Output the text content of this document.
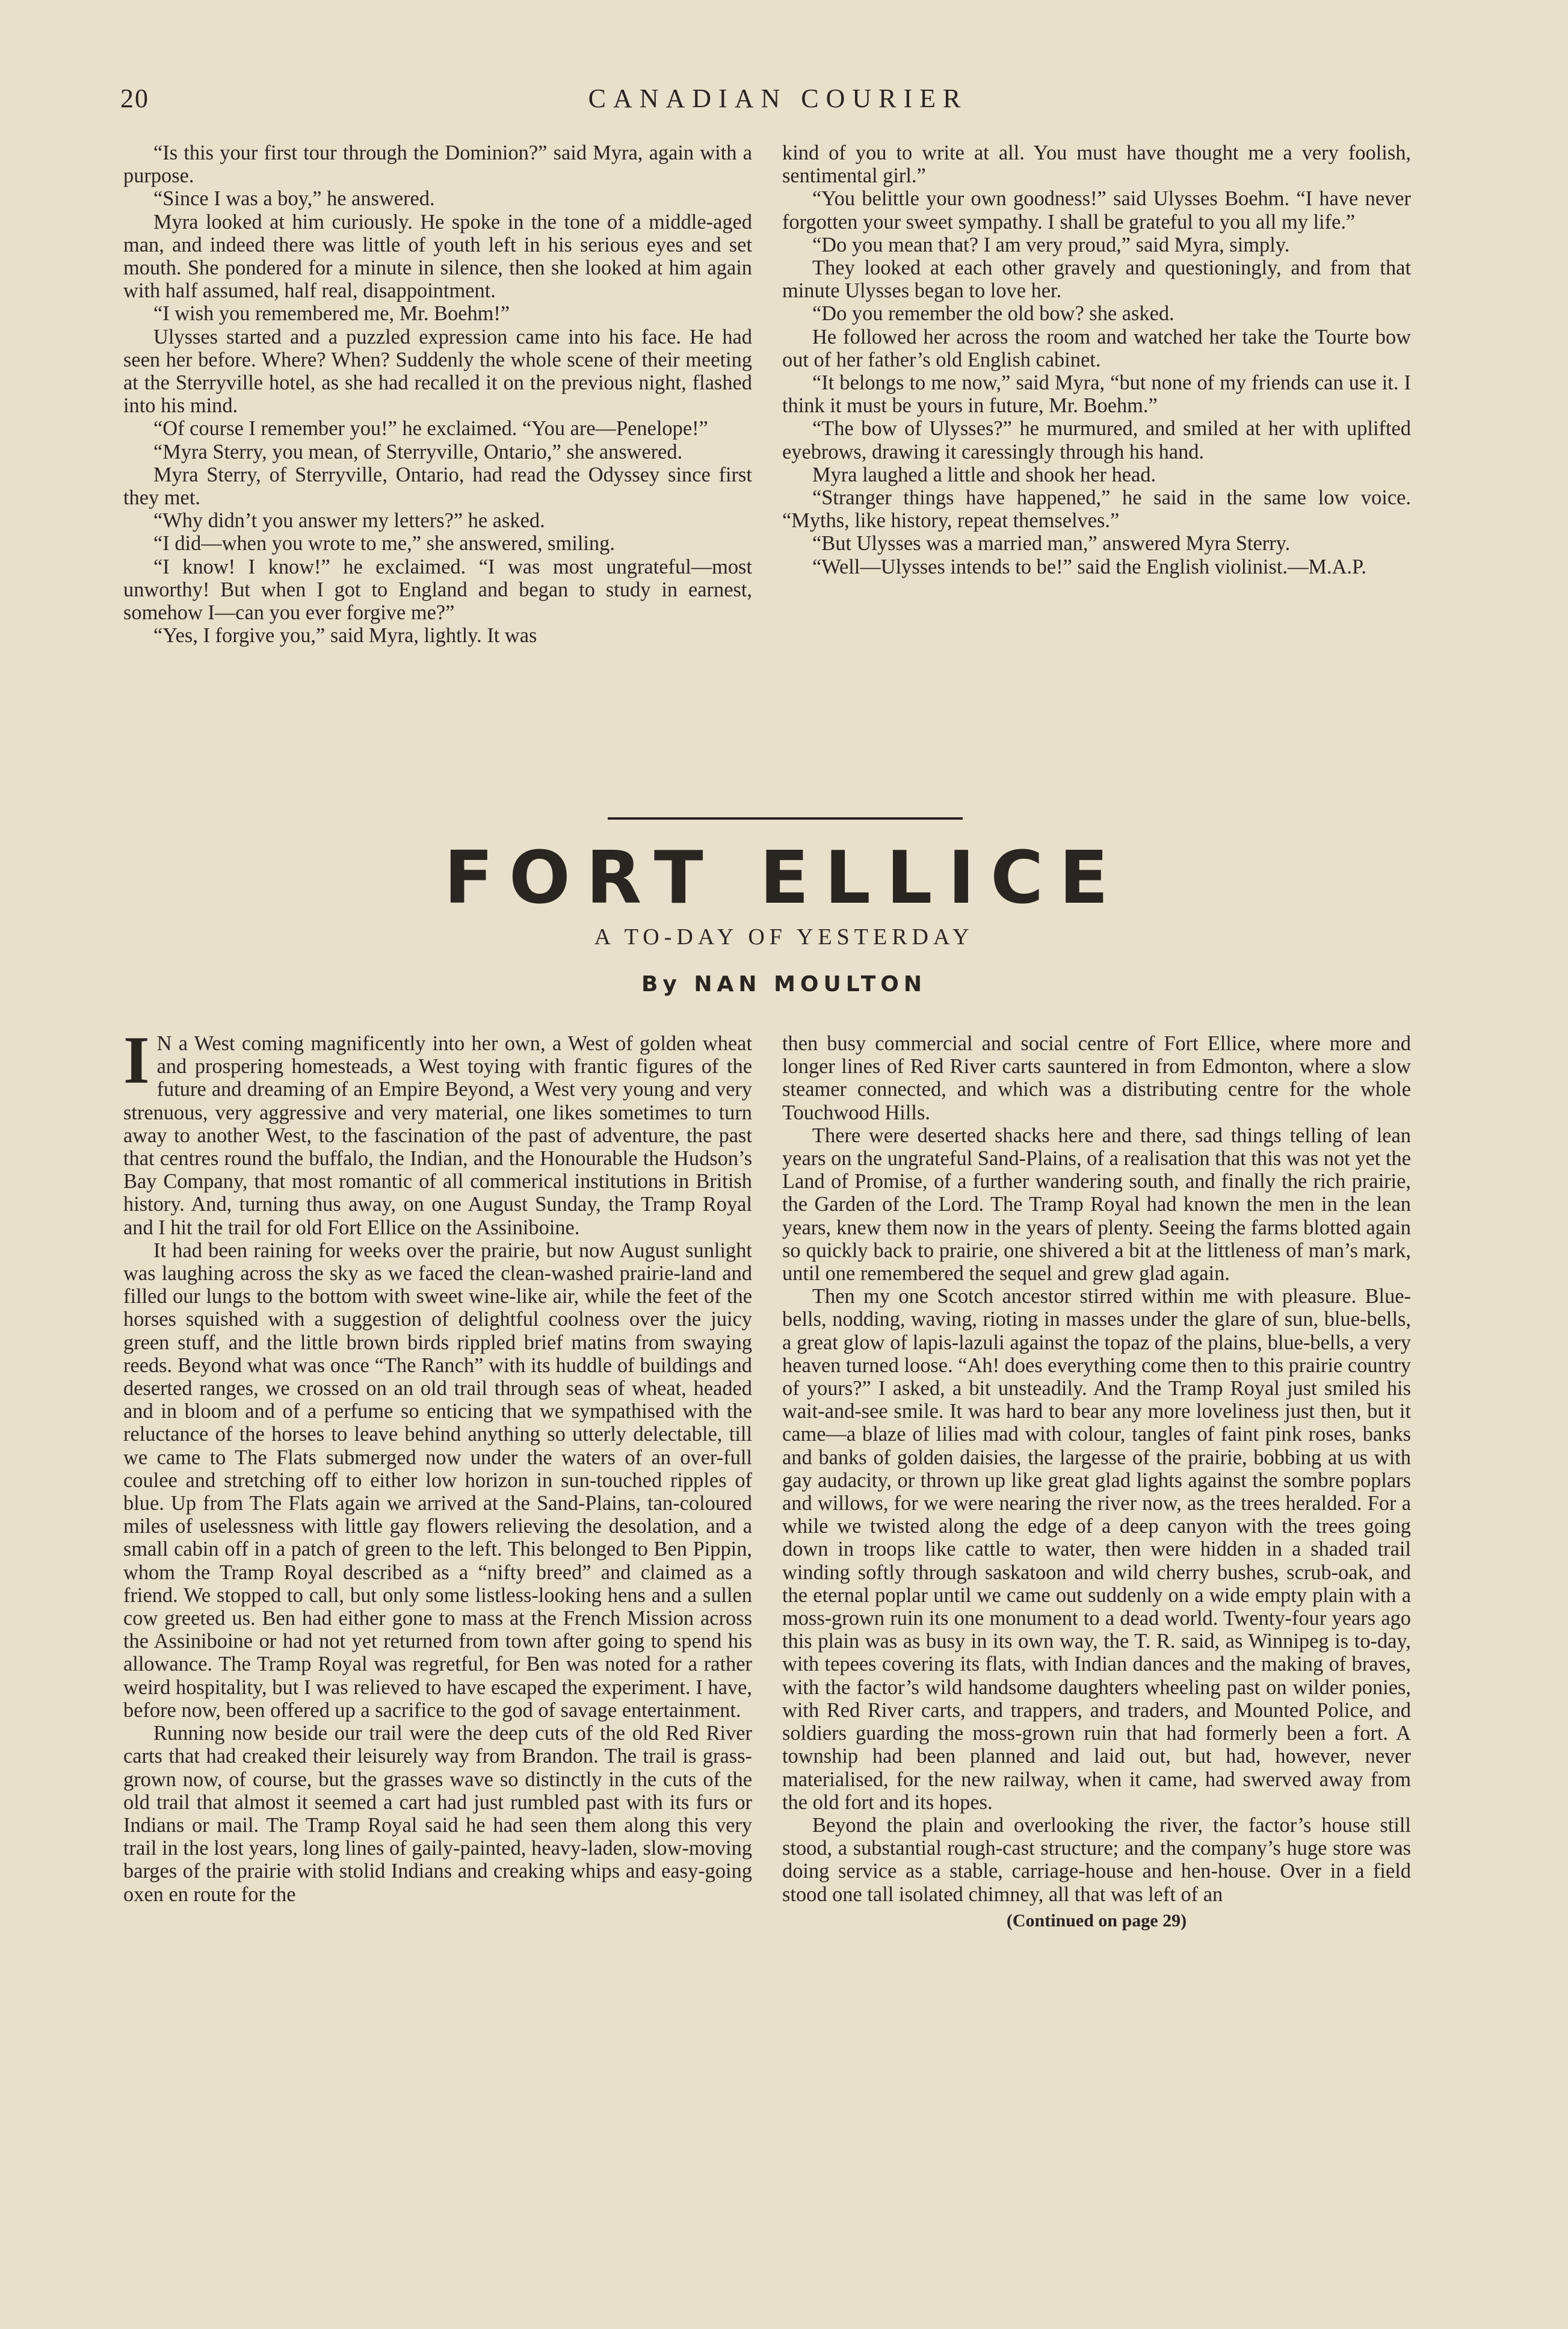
20	CANADIAN COURIER

“Is this your first tour through the Dominion?” said Myra, again with a purpose.

“Since I was a boy,” he answered.

Myra looked at him curiously. He spoke in the tone of a middle-aged man, and indeed there was little of youth left in his serious eyes and set mouth. She pondered for a minute in silence, then she looked at him again with half assumed, half real, disappointment.

“I wish you remembered me, Mr. Boehm!”

Ulysses started and a puzzled expression came into his face. He had seen her before. Where? When? Suddenly the whole scene of their meeting at the Sterryville hotel, as she had recalled it on the previous night, flashed into his mind.

“Of course I remember you!” he exclaimed. “You are—Penelope!”

“Myra Sterry, you mean, of Sterryville, Ontario,” she answered.

Myra Sterry, of Sterryville, Ontario, had read the Odyssey since first they met.

“Why didn’t you answer my letters?” he asked.

“I did—when you wrote to me,” she answered, smiling.

“I know! I know!” he exclaimed. “I was most ungrateful—most unworthy! But when I got to England and began to study in earnest, somehow I—can you ever forgive me?”

“Yes, I forgive you,” said Myra, lightly. It was

kind of you to write at all. You must have thought me a very foolish, sentimental girl.”

“You belittle your own goodness!” said Ulysses Boehm. “I have never forgotten your sweet sympathy. I shall be grateful to you all my life.”

“Do you mean that? I am very proud,” said Myra, simply.

They looked at each other gravely and questioningly, and from that minute Ulysses began to love her.

“Do you remember the old bow? she asked.

He followed her across the room and watched her take the Tourte bow out of her father’s old English cabinet.

“It belongs to me now,” said Myra, “but none of my friends can use it. I think it must be yours in future, Mr. Boehm.”

“The bow of Ulysses?” he murmured, and smiled at her with uplifted eyebrows, drawing it caressingly through his hand.

Myra laughed a little and shook her head.

“Stranger things have happened,” he said in the same low voice. “Myths, like history, repeat themselves.”

“But Ulysses was a married man,” answered Myra Sterry.

“Well—Ulysses intends to be!” said the English violinist.—M.A.P.

FORT ELLICE
A TO-DAY OF YESTERDAY
By NAN MOULTON

I N a West coming magnificently into her own, a West of golden wheat and prospering homesteads, a West toying with frantic figures of the future and dreaming of an Empire Beyond, a West very young and very strenuous, very aggressive and very material, one likes sometimes to turn away to another West, to the fascination of the past of adventure, the past that centres round the buffalo, the Indian, and the Honourable the Hudson’s Bay Company, that most romantic of all commerical institutions in British history. And, turning thus away, on one August Sunday, the Tramp Royal and I hit the trail for old Fort Ellice on the Assiniboine.

It had been raining for weeks over the prairie, but now August sunlight was laughing across the sky as we faced the clean-washed prairie-land and filled our lungs to the bottom with sweet wine-like air, while the feet of the horses squished with a suggestion of delightful coolness over the juicy green stuff, and the little brown birds rippled brief matins from swaying reeds. Beyond what was once “The Ranch” with its huddle of buildings and deserted ranges, we crossed on an old trail through seas of wheat, headed and in bloom and of a perfume so enticing that we sympathised with the reluctance of the horses to leave behind anything so utterly delectable, till we came to The Flats submerged now under the waters of an over-full coulee and stretching off to either low horizon in sun-touched ripples of blue. Up from The Flats again we arrived at the Sand-Plains, tan-coloured miles of uselessness with little gay flowers relieving the desolation, and a small cabin off in a patch of green to the left. This belonged to Ben Pippin, whom the Tramp Royal described as a “nifty breed” and claimed as a friend. We stopped to call, but only some listless-looking hens and a sullen cow greeted us. Ben had either gone to mass at the French Mission across the Assiniboine or had not yet returned from town after going to spend his allowance. The Tramp Royal was regretful, for Ben was noted for a rather weird hospitality, but I was relieved to have escaped the experiment. I have, before now, been offered up a sacrifice to the god of savage entertainment.

Running now beside our trail were the deep cuts of the old Red River carts that had creaked their leisurely way from Brandon. The trail is grass-grown now, of course, but the grasses wave so distinctly in the cuts of the old trail that almost it seemed a cart had just rumbled past with its furs or Indians or mail. The Tramp Royal said he had seen them along this very trail in the lost years, long lines of gaily-painted, heavy-laden, slow-moving barges of the prairie with stolid Indians and creaking whips and easy-going oxen en route for the

then busy commercial and social centre of Fort Ellice, where more and longer lines of Red River carts sauntered in from Edmonton, where a slow steamer connected, and which was a distributing centre for the whole Touchwood Hills.

There were deserted shacks here and there, sad things telling of lean years on the ungrateful Sand-Plains, of a realisation that this was not yet the Land of Promise, of a further wandering south, and finally the rich prairie, the Garden of the Lord. The Tramp Royal had known the men in the lean years, knew them now in the years of plenty. Seeing the farms blotted again so quickly back to prairie, one shivered a bit at the littleness of man’s mark, until one remembered the sequel and grew glad again.

Then my one Scotch ancestor stirred within me with pleasure. Blue-bells, nodding, waving, rioting in masses under the glare of sun, blue-bells, a great glow of lapis-lazuli against the topaz of the plains, blue-bells, a very heaven turned loose. “Ah! does everything come then to this prairie country of yours?” I asked, a bit unsteadily. And the Tramp Royal just smiled his wait-and-see smile. It was hard to bear any more loveliness just then, but it came—a blaze of lilies mad with colour, tangles of faint pink roses, banks and banks of golden daisies, the largesse of the prairie, bobbing at us with gay audacity, or thrown up like great glad lights against the sombre poplars and willows, for we were nearing the river now, as the trees heralded. For a while we twisted along the edge of a deep canyon with the trees going down in troops like cattle to water, then were hidden in a shaded trail winding softly through saskatoon and wild cherry bushes, scrub-oak, and the eternal poplar until we came out suddenly on a wide empty plain with a moss-grown ruin its one monument to a dead world. Twenty-four years ago this plain was as busy in its own way, the T. R. said, as Winnipeg is to-day, with tepees covering its flats, with Indian dances and the making of braves, with the factor’s wild handsome daughters wheeling past on wilder ponies, with Red River carts, and trappers, and traders, and Mounted Police, and soldiers guarding the moss-grown ruin that had formerly been a fort. A township had been planned and laid out, but had, however, never materialised, for the new railway, when it came, had swerved away from the old fort and its hopes.

Beyond the plain and overlooking the river, the factor’s house still stood, a substantial rough-cast structure; and the company’s huge store was doing service as a stable, carriage-house and hen-house. Over in a field stood one tall isolated chimney, all that was left of an

(Continued on page 29)
